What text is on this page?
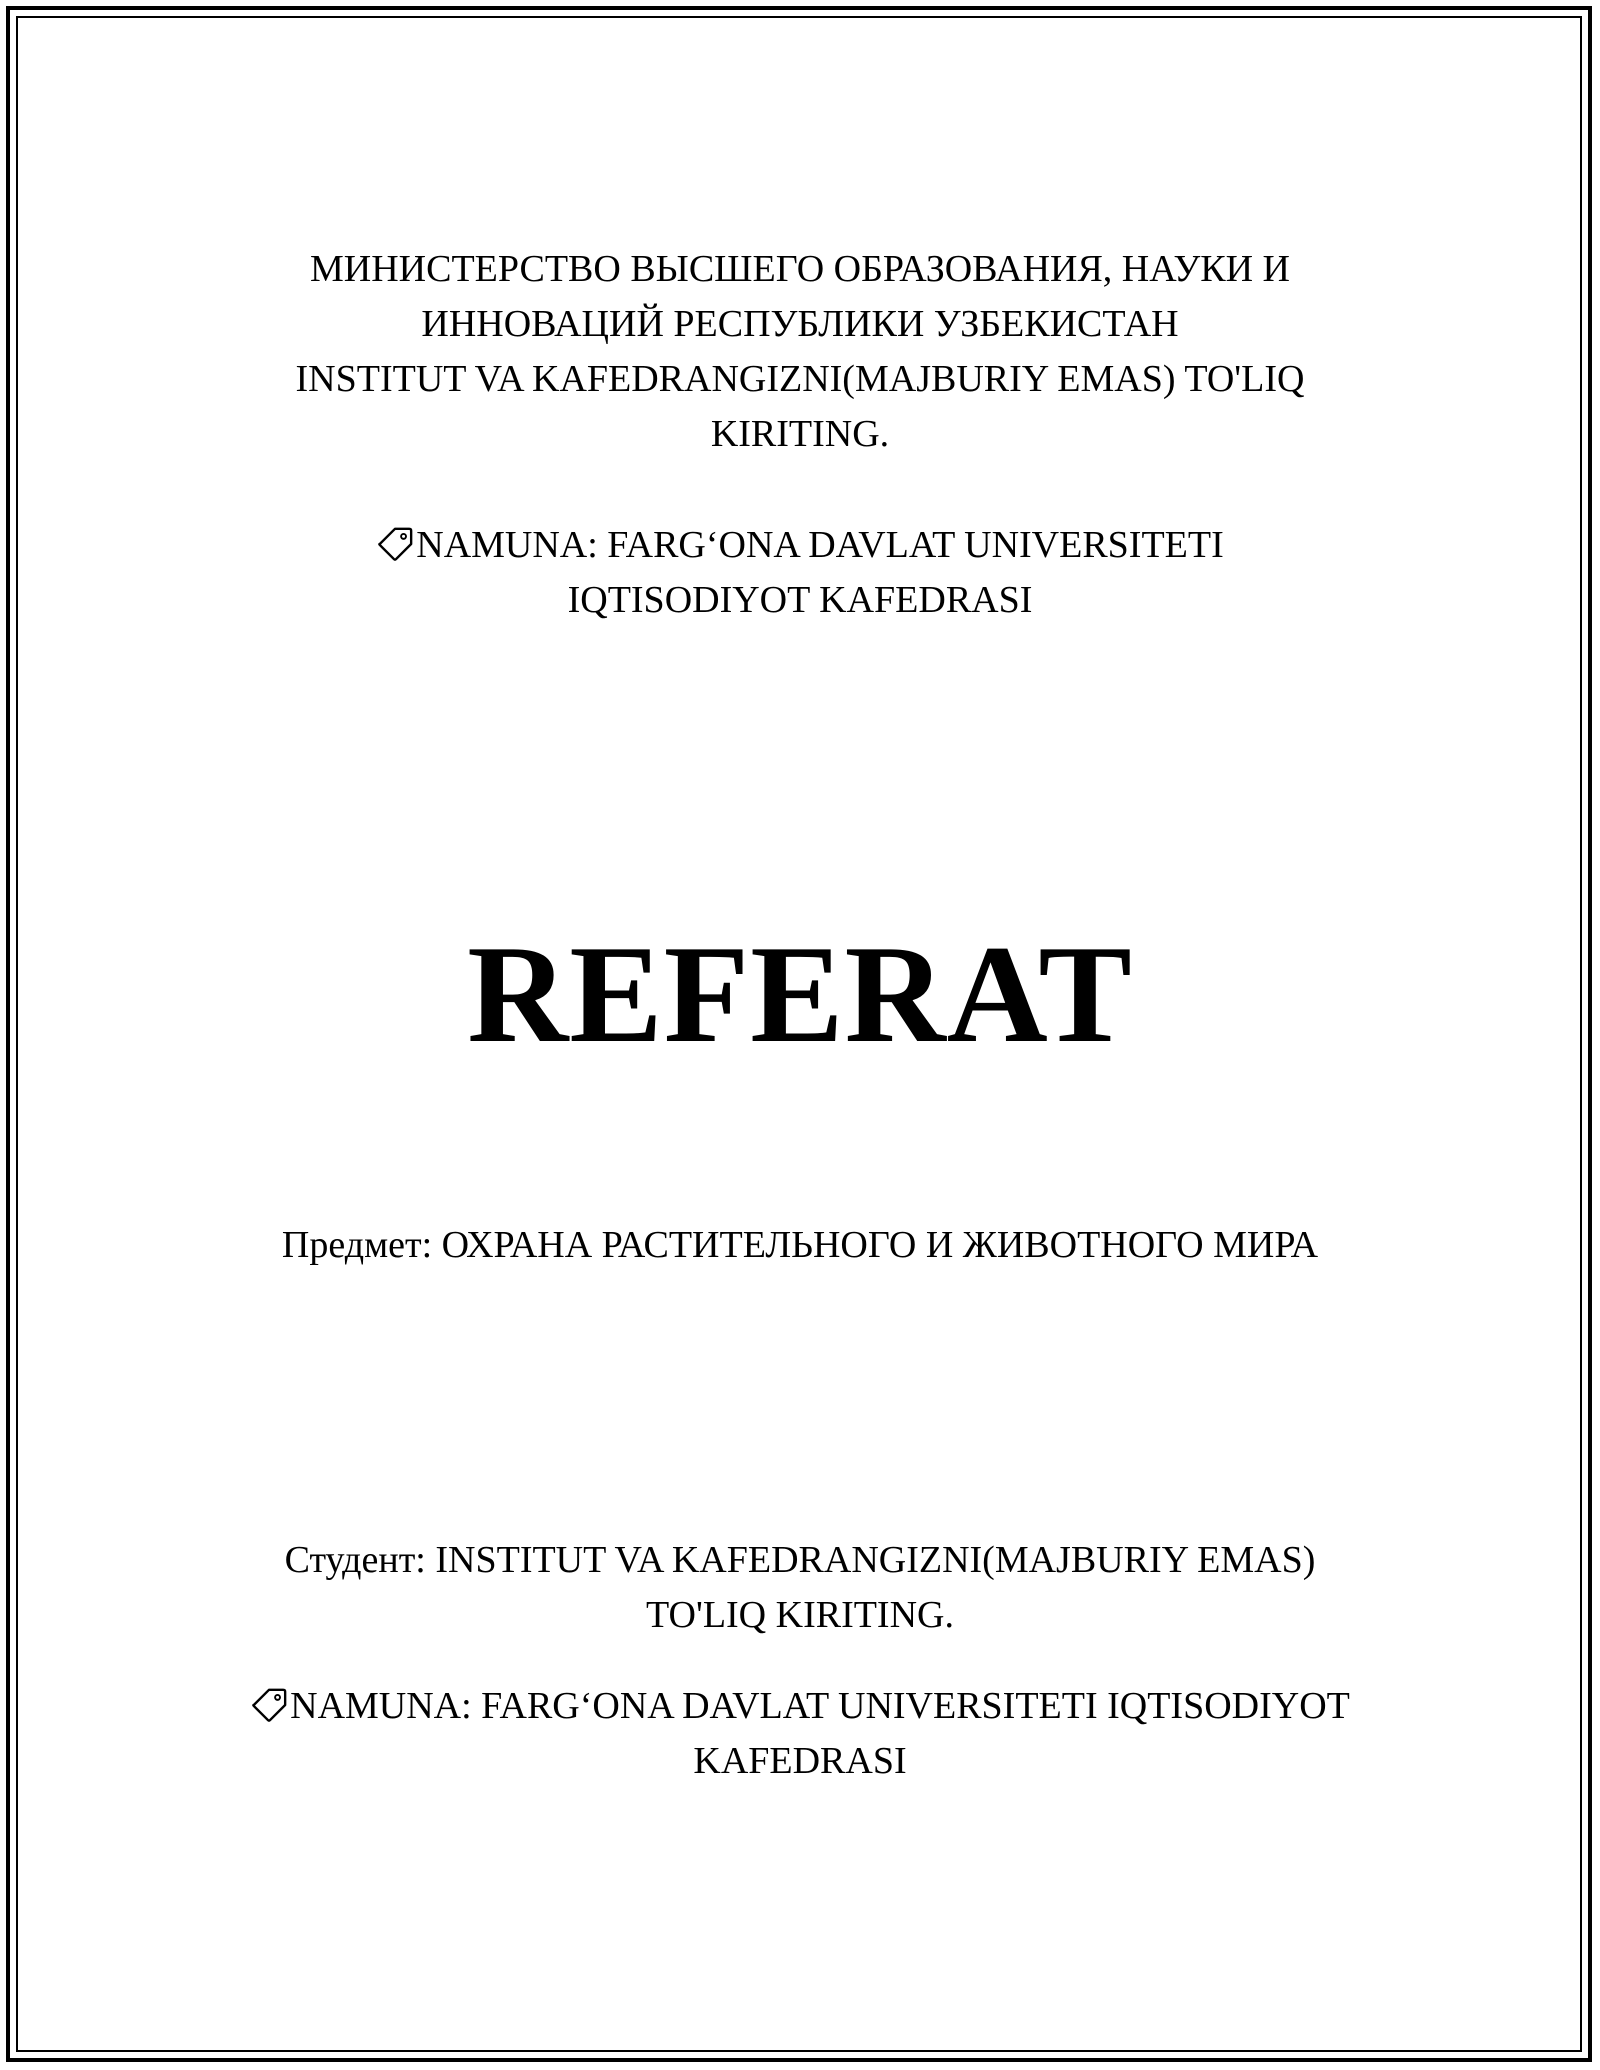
МИНИСТЕРСТВО ВЫСШЕГО ОБРАЗОВАНИЯ, НАУКИ И
ИННОВАЦИЙ РЕСПУБЛИКИ УЗБЕКИСТАН
INSTITUT VA KAFEDRANGIZNI(MAJBURIY EMAS) TO'LIQ
KIRITING.
NAMUNA: FARG‘ONA DAVLAT UNIVERSITETI
IQTISODIYOT KAFEDRASI
REFERAT
Предмет: ОХРАНА РАСТИТЕЛЬНОГО И ЖИВОТНОГО МИРА
Студент: INSTITUT VA KAFEDRANGIZNI(MAJBURIY EMAS)
TO'LIQ KIRITING.
NAMUNA: FARG‘ONA DAVLAT UNIVERSITETI IQTISODIYOT
KAFEDRASI
